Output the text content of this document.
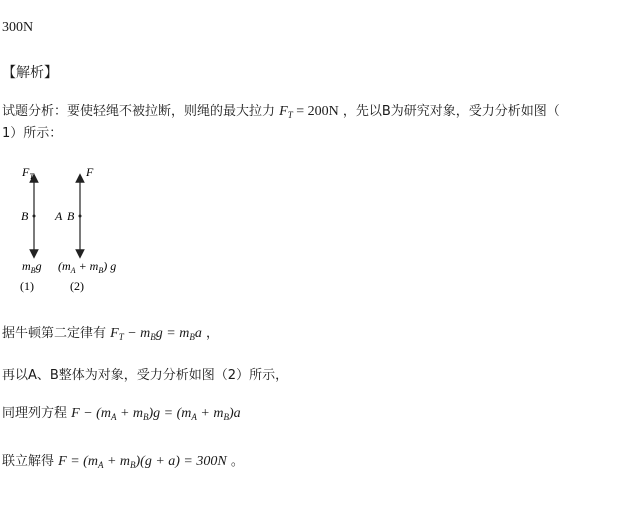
300N
【解析】
试题分析：要使轻绳不被拉断，则绳的最大拉力 $F_T = 200N$ ，先以B为研究对象，受力分析如图（
1）所示：
$F_T$
B
$m_Bg$
(1)
A
F
B
$(m_A + m_B)$ g
(2)
据牛顿第二定律有 $F_T - m_Bg = m_Ba$ ，
再以A、B整体为对象，受力分析如图（2）所示，
同理列方程 $F - (m_A + m_B)g = (m_A + m_B)a$
联立解得 $F = (m_A + m_B)(g + a) = 300N$ 。
